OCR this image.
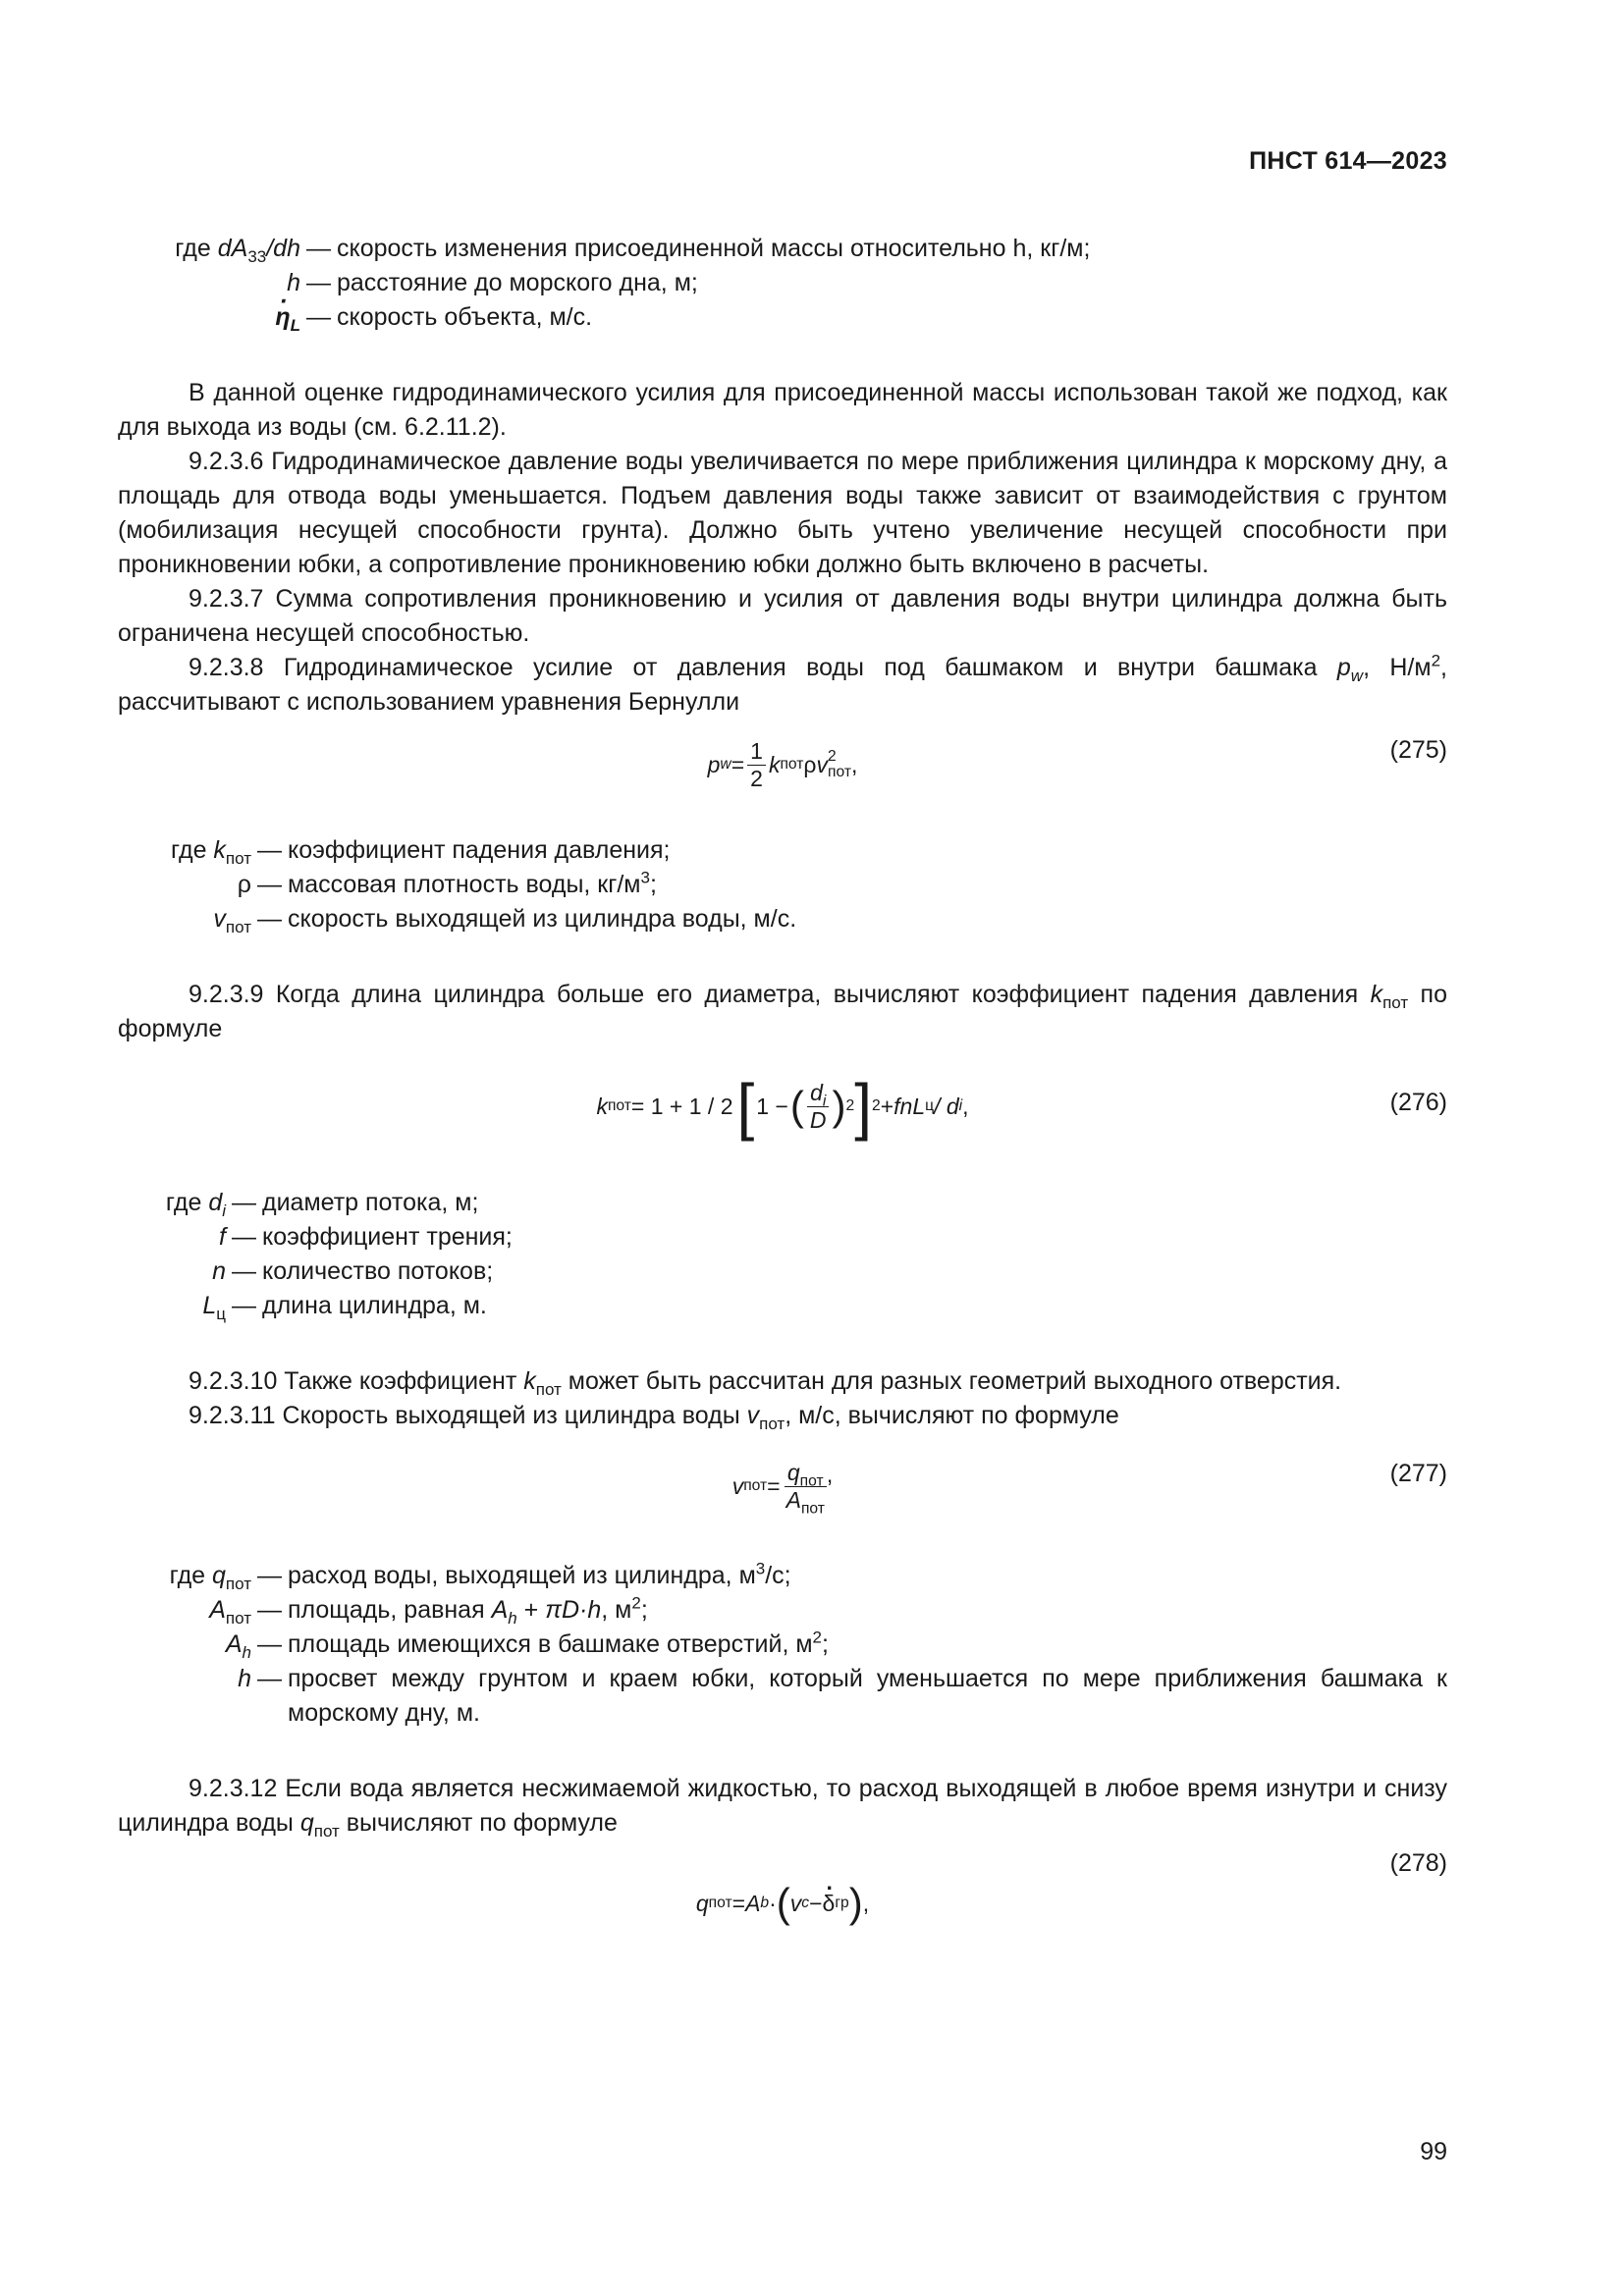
ПНСТ 614—2023
где $dA_{33}/dh$ — скорость изменения присоединенной массы относительно h, кг/м;
h — расстояние до морского дна, м;
· $\eta_L$ — скорость объекта, м/с.

В данной оценке гидродинамического усилия для присоединенной массы использован такой же подход, как для выхода из воды (см. 6.2.11.2).

9.2.3.6 Гидродинамическое давление воды увеличивается по мере приближения цилиндра к морскому дну, а площадь для отвода воды уменьшается. Подъем давления воды также зависит от взаимодействия с грунтом (мобилизация несущей способности грунта). Должно быть учтено увеличение несущей способности при проникновении юбки, а сопротивление проникновению юбки должно быть включено в расчеты.

9.2.3.7 Сумма сопротивления проникновению и усилия от давления воды внутри цилиндра должна быть ограничена несущей способностью.

9.2.3.8 Гидродинамическое усилие от давления воды под башмаком и внутри башмака $p_w$, $Н/м^2$, рассчитывают с использованием уравнения Бернулли

p $w = \frac{1}{2}$ k пот ρ v 2
пот ,
(275)
где $k_{пот}$ — коэффициент падения давления;
ρ — массовая плотность воды, $кг/м^3$;
$v_{пот}$ — скорость выходящей из цилиндра воды, м/с.

9.2.3.9 Когда длина цилиндра больше его диаметра, вычисляют коэффициент падения давления $k_{пот}$ по формуле

k пот = 1 + 1 / 2 [ 1 − ( $\frac{d_i}{D}$ ) 2 ] 2 + fnL ц / d i ,	(276)
где $d_i$ — диаметр потока, м;
f — коэффициент трения;
n — количество потоков;
$L_ц$ — длина цилиндра, м.

9.2.3.10 Также коэффициент $k_{пот}$ может быть рассчитан для разных геометрий выходного отверстия.

9.2.3.11 Скорость выходящей из цилиндра воды $v_{пот}$, м/с, вычисляют по формуле

v пот = $\frac{q_{пот}}{A_{пот}}$ ,	(277)
где $q_{пот}$ — расход воды, выходящей из цилиндра, $м^3/с$;
$A_{пот}$ — площадь, равная $A_h + \pi D\cdot h$, $м^2$;
$A_h$ — площадь имеющихся в башмаке отверстий, $м^2$;
h — просвет между грунтом и краем юбки, который уменьшается по мере приближения башмака к морскому дну, м.

9.2.3.12 Если вода является несжимаемой жидкостью, то расход выходящей в любое время изнутри и снизу цилиндра воды $q_{пот}$ вычисляют по формуле

q пот = A b · ( v c −
· δ гр ) ,
(278)
99
